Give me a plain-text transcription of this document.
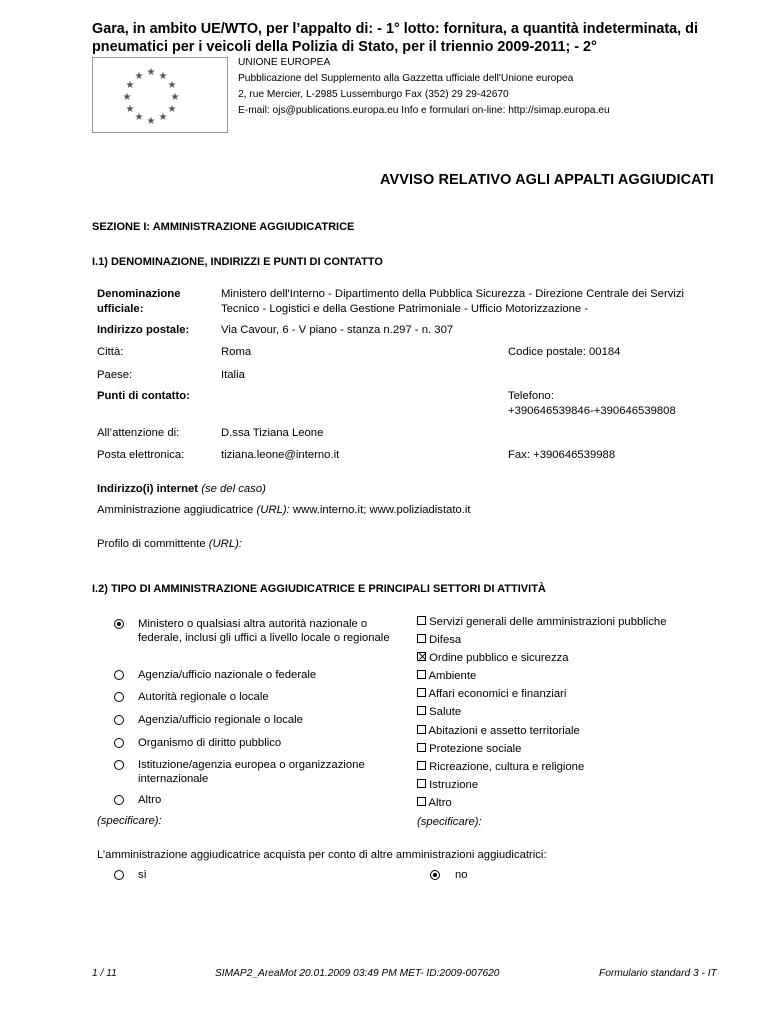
Gara, in ambito UE/WTO, per l’appalto di: - 1° lotto: fornitura, a quantità indeterminata, di pneumatici per i veicoli della Polizia di Stato, per il triennio 2009-2011; - 2°
★
★ ★
★	★
★	★
★	★
★ ★
★
UNIONE EUROPEA
Pubblicazione del Supplemento alla Gazzetta ufficiale dell'Unione europea
2, rue Mercier, L-2985 Lussemburgo Fax (352) 29 29-42670
E-mail: ojs@publications.europa.eu Info e formulari on-line: http://simap.europa.eu
AVVISO RELATIVO AGLI APPALTI AGGIUDICATI
SEZIONE I: AMMINISTRAZIONE AGGIUDICATRICE
I.1) DENOMINAZIONE, INDIRIZZI E PUNTI DI CONTATTO
Denominazione ufficiale:
Ministero dell'Interno - Dipartimento della Pubblica Sicurezza - Direzione Centrale dei Servizi Tecnico - Logistici e della Gestione Patrimoniale - Ufficio Motorizzazione -
Indirizzo postale:	Via Cavour, 6 - V piano - stanza n.297 - n. 307
Città:	Roma	Codice postale: 00184
Paese:	Italia
Punti di contatto:	Telefono:
+390646539846-+390646539808
All’attenzione di:	D.ssa Tiziana Leone
Posta elettronica:	tiziana.leone@interno.it	Fax: +390646539988
Indirizzo(i) internet (se del caso)
Amministrazione aggiudicatrice (URL): www.interno.it; www.poliziadistato.it
Profilo di committente (URL):
I.2) TIPO DI AMMINISTRAZIONE AGGIUDICATRICE E PRINCIPALI SETTORI DI ATTIVITÀ
Ministero o qualsiasi altra autorità nazionale o federale, inclusi gli uffici a livello locale o regionale
Agenzia/ufficio nazionale o federale
Autorità regionale o locale
Agenzia/ufficio regionale o locale
Organismo di diritto pubblico
Istituzione/agenzia europea o organizzazione internazionale
Altro
(specificare):
Servizi generali delle amministrazioni pubbliche
Difesa
Ordine pubblico e sicurezza
Ambiente
Affari economici e finanziari
Salute
Abitazioni e assetto territoriale
Protezione sociale
Ricreazione, cultura e religione
Istruzione
Altro
(specificare):
L’amministrazione aggiudicatrice acquista per conto di altre amministrazioni aggiudicatrici:
sì	no
1 / 11	SIMAP2_AreaMot 20.01.2009 03:49 PM MET- ID:2009-007620	Formulario standard 3 - IT
